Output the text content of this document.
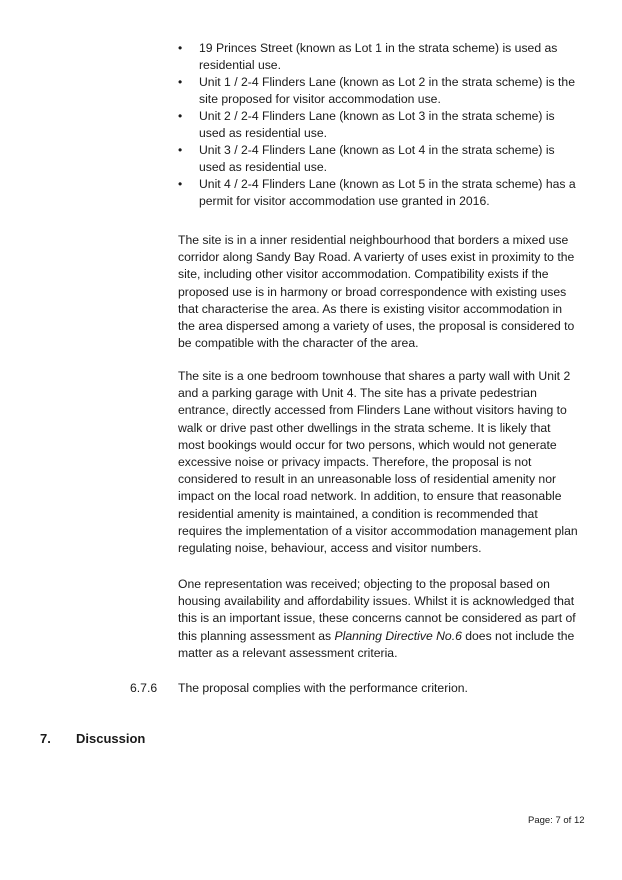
• 19 Princes Street (known as Lot 1 in the strata scheme) is used as residential use.
• Unit 1 / 2-4 Flinders Lane (known as Lot 2 in the strata scheme) is the site proposed for visitor accommodation use.
• Unit 2 / 2-4 Flinders Lane (known as Lot 3 in the strata scheme) is used as residential use.
• Unit 3 / 2-4 Flinders Lane (known as Lot 4 in the strata scheme) is used as residential use.
• Unit 4 / 2-4 Flinders Lane (known as Lot 5 in the strata scheme) has a permit for visitor accommodation use granted in 2016.

The site is in a inner residential neighbourhood that borders a mixed use corridor along Sandy Bay Road. A varierty of uses exist in proximity to the site, including other visitor accommodation. Compatibility exists if the proposed use is in harmony or broad correspondence with existing uses that characterise the area. As there is existing visitor accommodation in the area dispersed among a variety of uses, the proposal is considered to be compatible with the character of the area.

The site is a one bedroom townhouse that shares a party wall with Unit 2 and a parking garage with Unit 4. The site has a private pedestrian entrance, directly accessed from Flinders Lane without visitors having to walk or drive past other dwellings in the strata scheme. It is likely that most bookings would occur for two persons, which would not generate excessive noise or privacy impacts. Therefore, the proposal is not considered to result in an unreasonable loss of residential amenity nor impact on the local road network. In addition, to ensure that reasonable residential amenity is maintained, a condition is recommended that requires the implementation of a visitor accommodation management plan regulating noise, behaviour, access and visitor numbers.

One representation was received; objecting to the proposal based on housing availability and affordability issues. Whilst it is acknowledged that this is an important issue, these concerns cannot be considered as part of this planning assessment as Planning Directive No.6 does not include the matter as a relevant assessment criteria.

6.7.6	The proposal complies with the performance criterion.
7. Discussion
Page: 7 of 12
